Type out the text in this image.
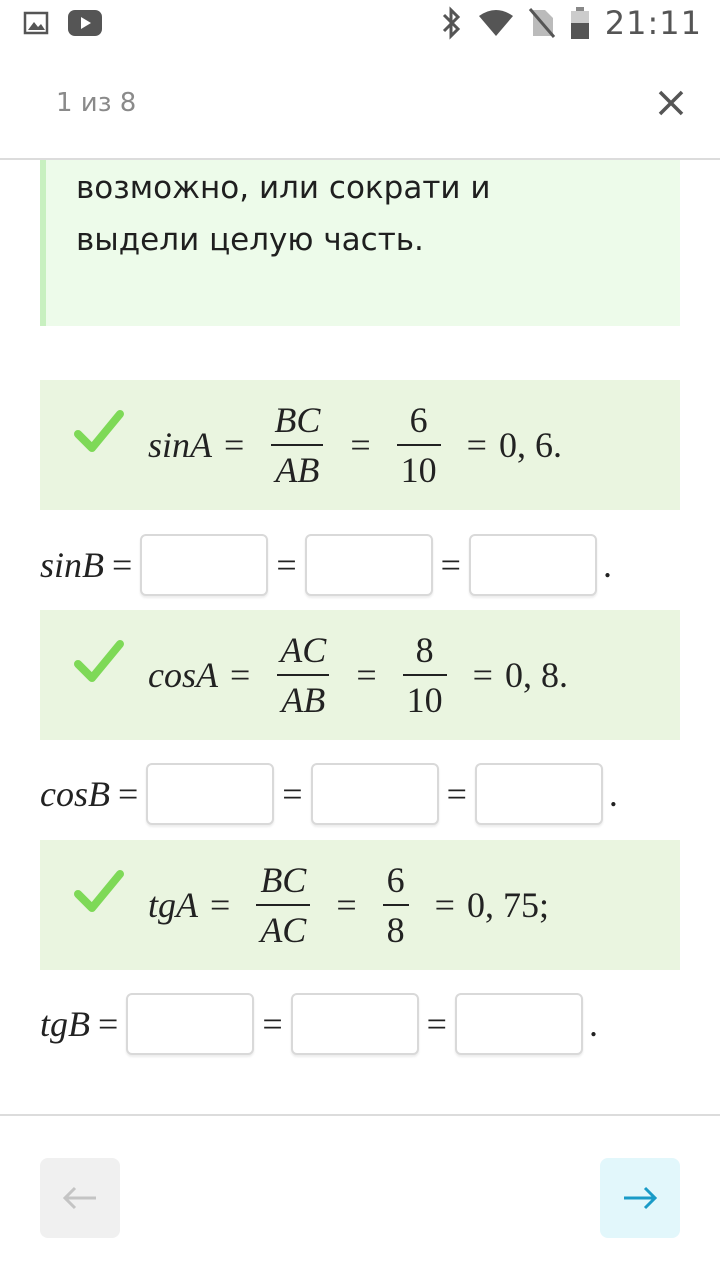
21:11
1 из 8

возможно, или сократи и
выдели целую часть.
$\sin A = \frac{BC}{AB} = \frac{6}{10} = 0$, 6.
sinB =	=	=	.
$\cos A = \frac{AC}{AB} = \frac{8}{10} = 0$, 8.
cosB =	=	=	.
tgA = $\frac{BC}{AC} = \frac{6}{8} = 0$, 75;
tgB =	=	=	.
